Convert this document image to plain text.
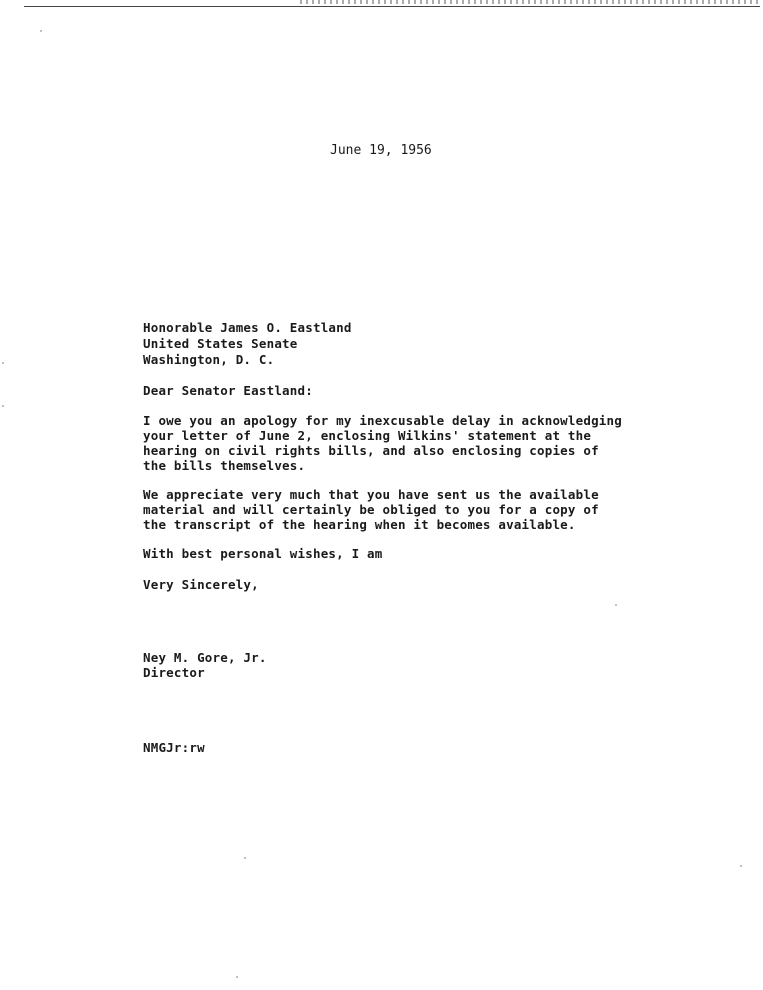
June 19, 1956
Honorable James O. Eastland
United States Senate
Washington, D. C.
Dear Senator Eastland:
I owe you an apology for my inexcusable delay in acknowledging
your letter of June 2, enclosing Wilkins' statement at the
hearing on civil rights bills, and also enclosing copies of
the bills themselves.
We appreciate very much that you have sent us the available
material and will certainly be obliged to you for a copy of
the transcript of the hearing when it becomes available.
With best personal wishes, I am
Very Sincerely,
Ney M. Gore, Jr.
Director
NMGJr:rw
